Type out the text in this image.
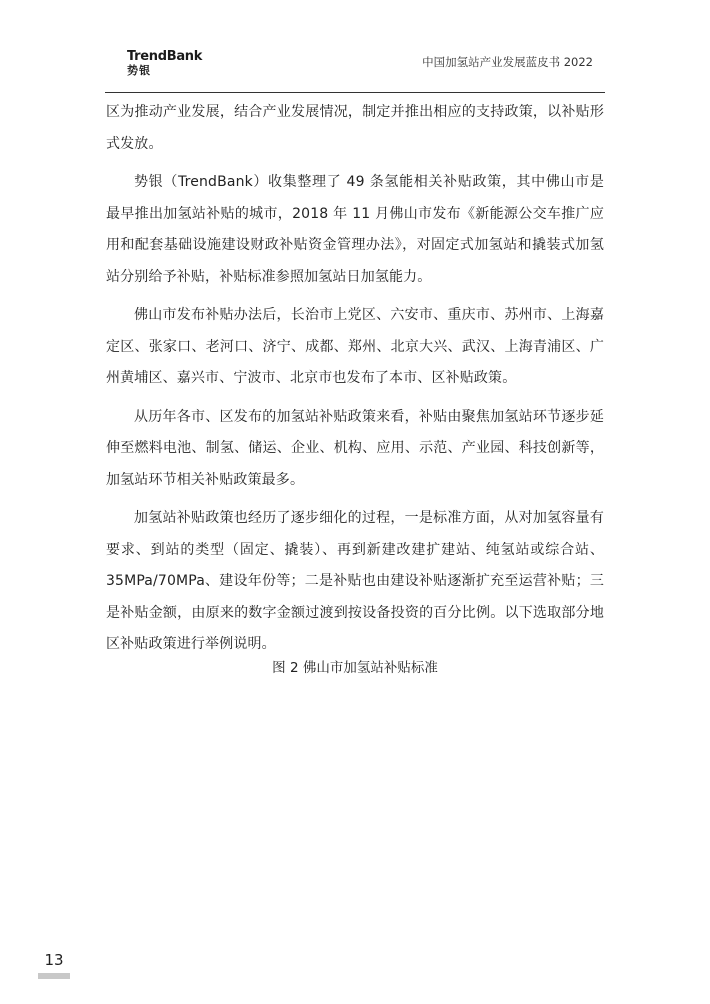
TrendBank
势银
中国加氢站产业发展蓝皮书 2022

区为推动产业发展，结合产业发展情况，制定并推出相应的支持政策，以补贴形式发放。

势银（TrendBank）收集整理了 49 条氢能相关补贴政策，其中佛山市是最早推出加氢站补贴的城市，2018 年 11 月佛山市发布《新能源公交车推广应用和配套基础设施建设财政补贴资金管理办法》，对固定式加氢站和撬装式加氢站分别给予补贴，补贴标准参照加氢站日加氢能力。

佛山市发布补贴办法后，长治市上党区、六安市、重庆市、苏州市、上海嘉定区、张家口、老河口、济宁、成都、郑州、北京大兴、武汉、上海青浦区、广州黄埔区、嘉兴市、宁波市、北京市也发布了本市、区补贴政策。

从历年各市、区发布的加氢站补贴政策来看，补贴由聚焦加氢站环节逐步延伸至燃料电池、制氢、储运、企业、机构、应用、示范、产业园、科技创新等，加氢站环节相关补贴政策最多。

加氢站补贴政策也经历了逐步细化的过程，一是标准方面，从对加氢容量有要求、到站的类型（固定、撬装）、再到新建改建扩建站、纯氢站或综合站、35MPa/70MPa、建设年份等；二是补贴也由建设补贴逐渐扩充至运营补贴；三是补贴金额，由原来的数字金额过渡到按设备投资的百分比例。以下选取部分地区补贴政策进行举例说明。

图 2 佛山市加氢站补贴标准
13
